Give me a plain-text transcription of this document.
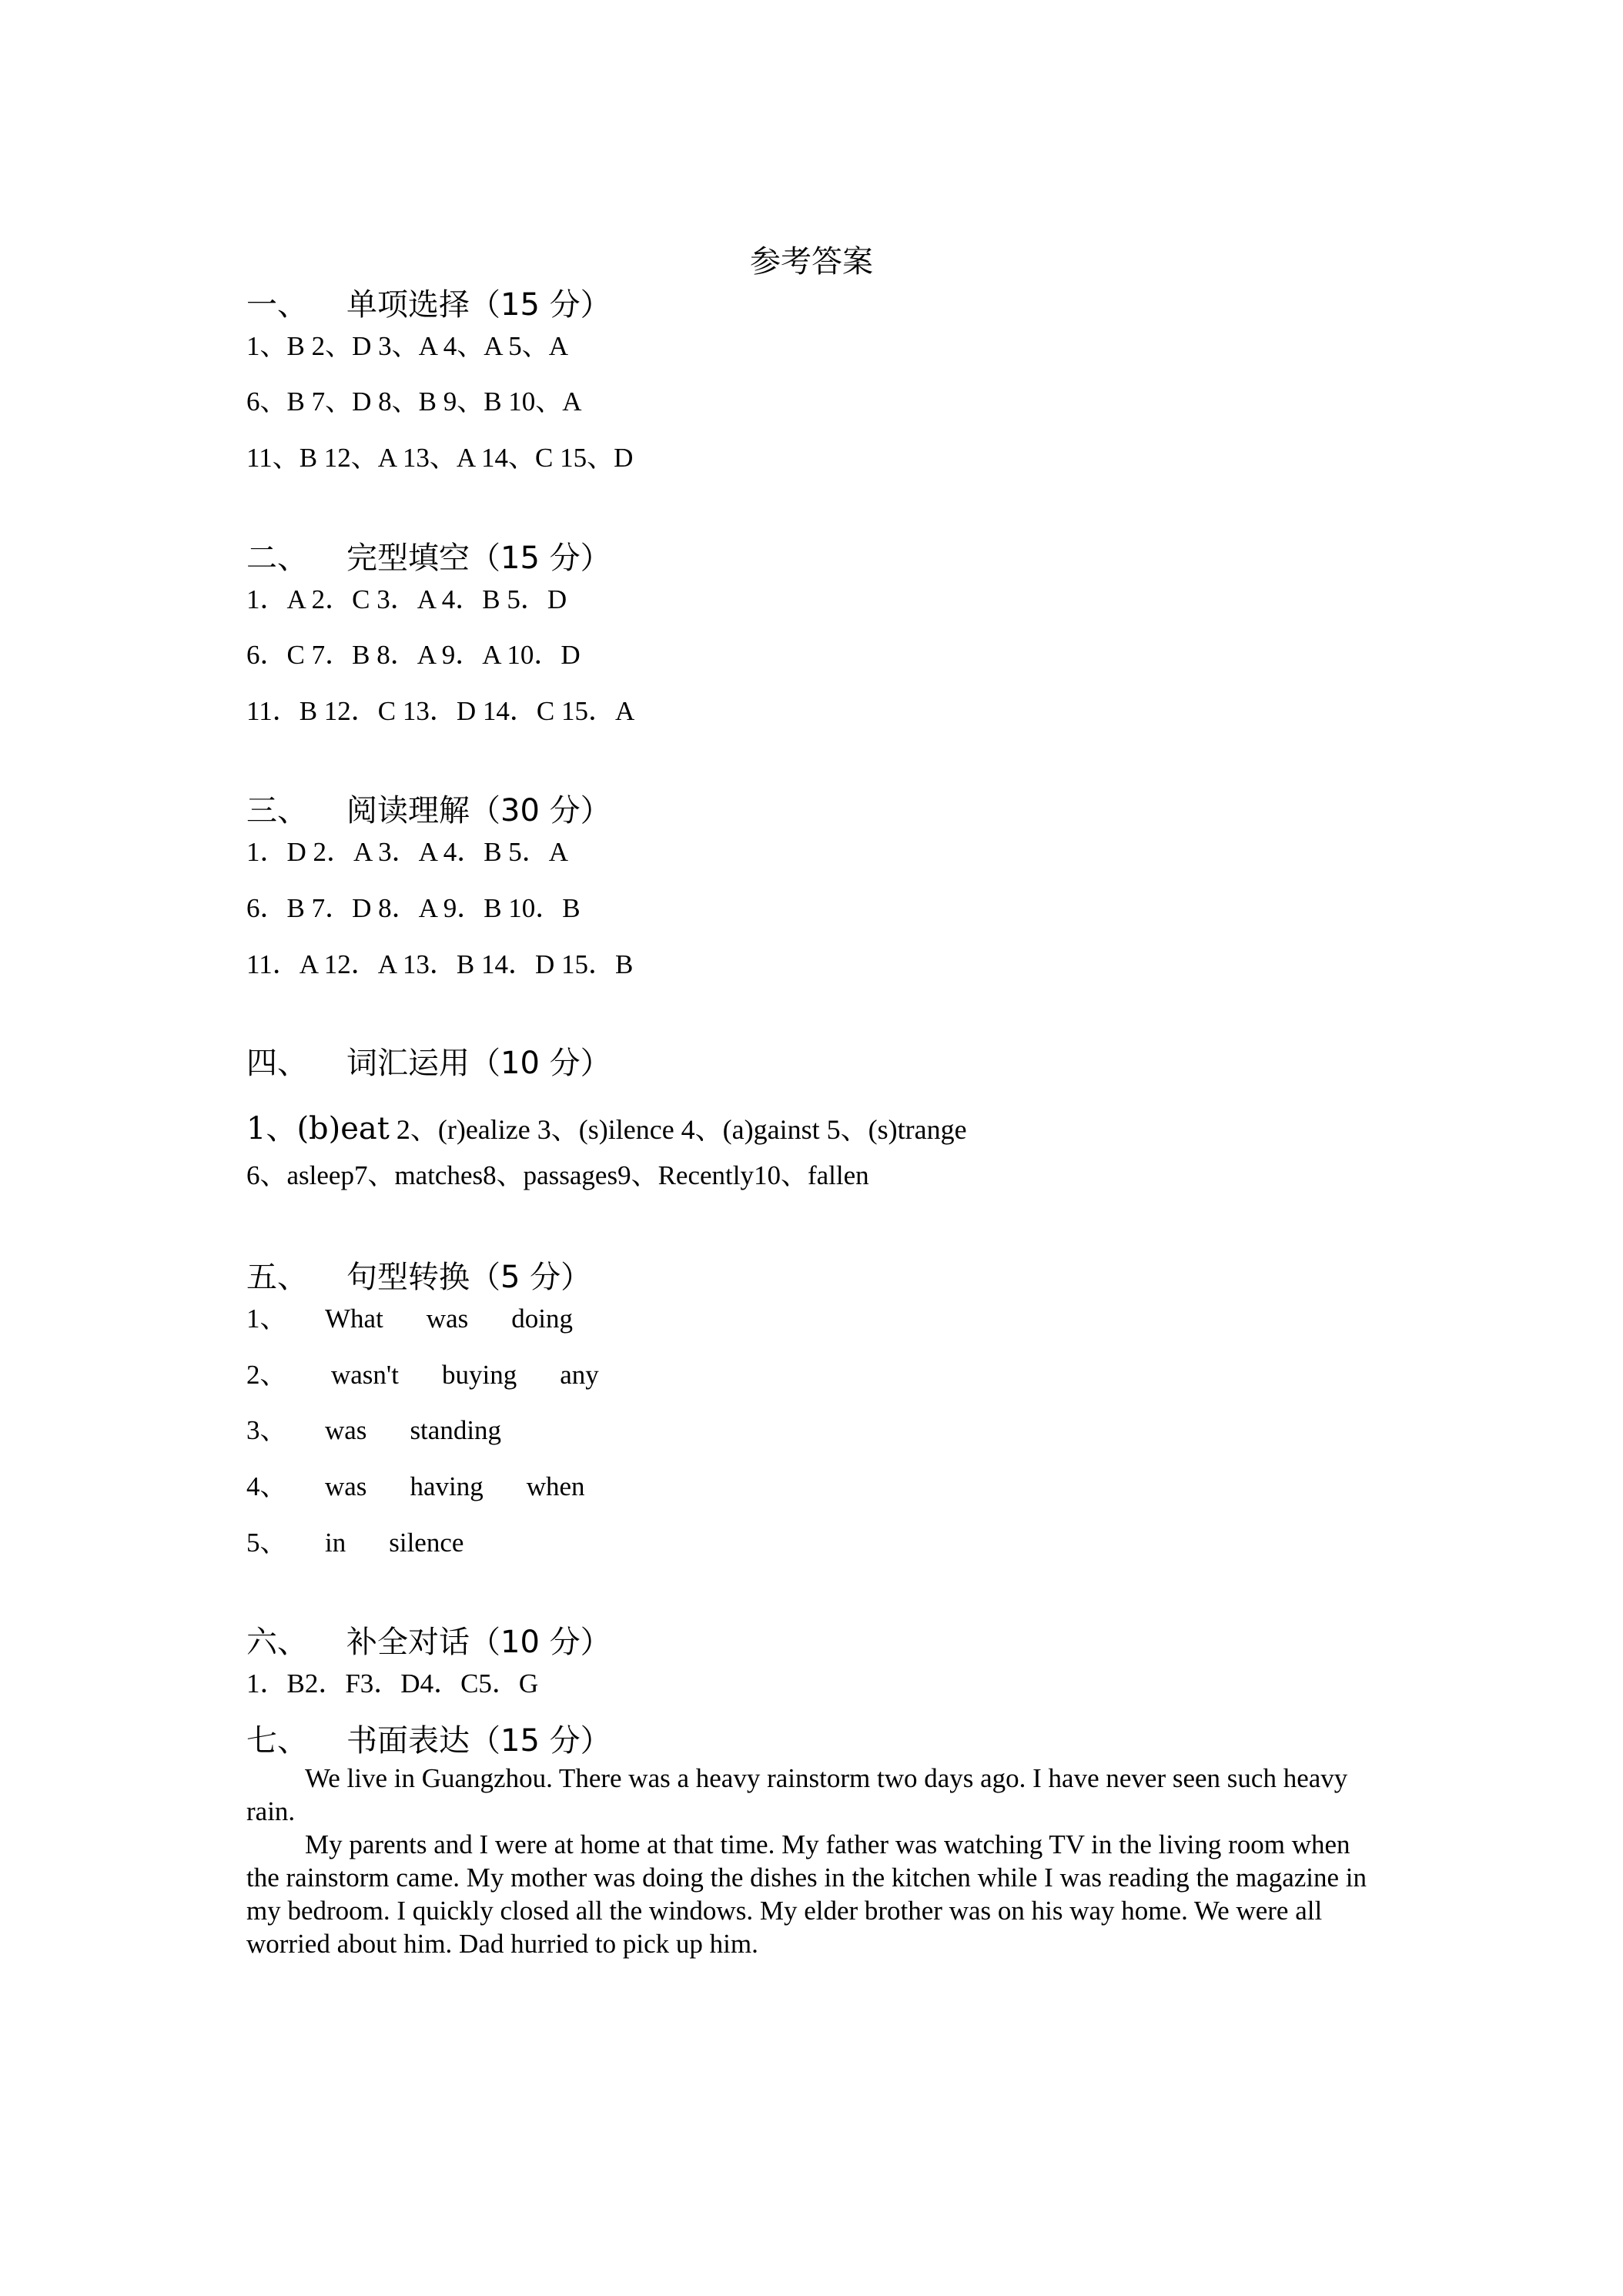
参考答案
一、 单项选择（15 分）
1、B 2、D 3、A 4、A 5、A
6、B 7、D 8、B 9、B 10、A
11、B 12、A 13、A 14、C 15、D
二、 完型填空（15 分）
1．A 2．C 3．A 4．B 5．D
6．C 7．B 8．A 9．A 10．D
11．B 12．C 13．D 14．C 15．A
三、 阅读理解（30 分）
1．D 2．A 3．A 4．B 5．A
6．B 7．D 8．A 9．B 10．B
11．A 12．A 13．B 14．D 15．B
四、 词汇运用（10 分）
1、(b)eat 2、(r)ealize 3、(s)ilence 4、(a)gainst 5、(s)trange
6、asleep7、matches8、passages9、Recently10、fallen
五、 句型转换（5 分）
1、 What was doing
2、 wasn't buying any
3、 was standing
4、 was having when
5、 in silence
六、 补全对话（10 分）
1．B2．F3．D4．C5．G
七、 书面表达（15 分）

We live in Guangzhou. There was a heavy rainstorm two days ago. I have never seen such heavy rain.

My parents and I were at home at that time. My father was watching TV in the living room when the rainstorm came. My mother was doing the dishes in the kitchen while I was reading the magazine in my bedroom. I quickly closed all the windows. My elder brother was on his way home. We were all worried about him. Dad hurried to pick up him.
